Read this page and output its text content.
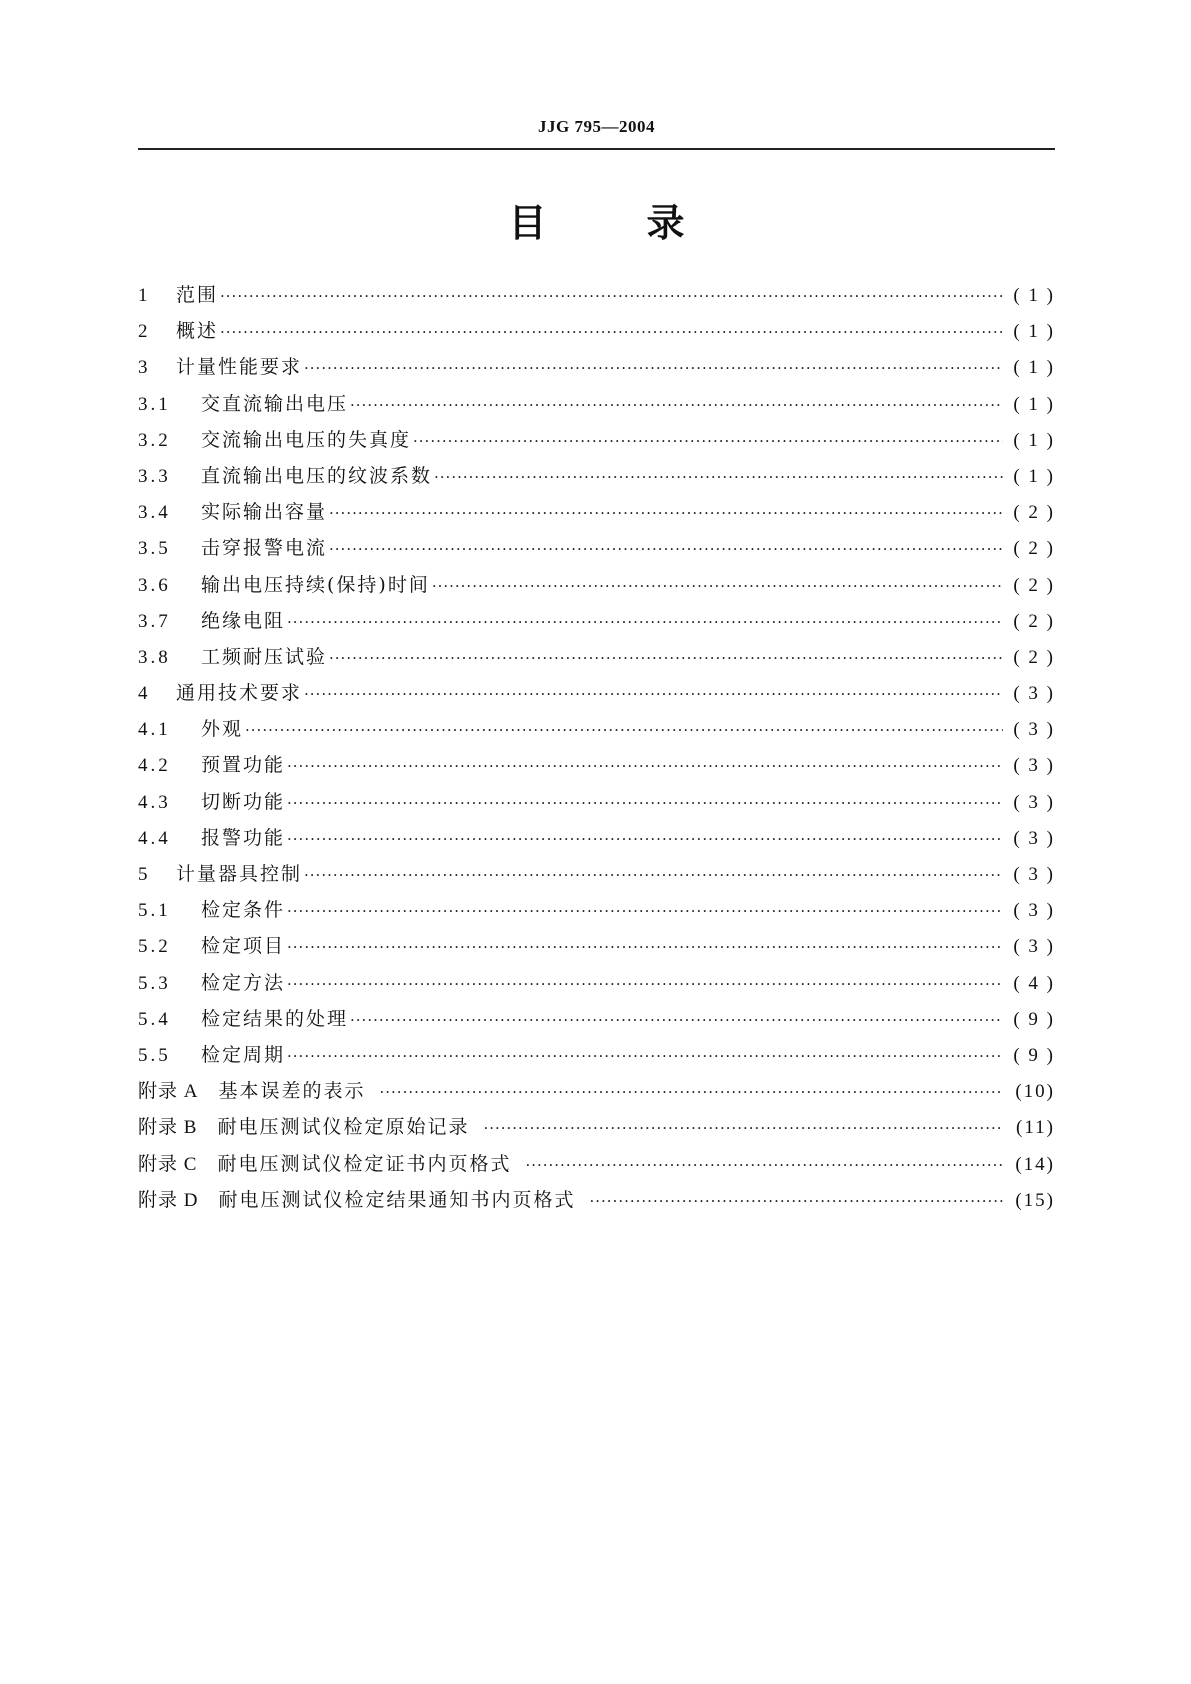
JJG 795—2004
目	录
1	范围 ·····	( 1 )
2	概述 ·····	( 1 )
3	计量性能要求 ·····	( 1 )
3.1	交直流输出电压 ·····	( 1 )
3.2	交流输出电压的失真度 ·····	( 1 )
3.3	直流输出电压的纹波系数 ·····	( 1 )
3.4	实际输出容量 ·····	( 2 )
3.5	击穿报警电流 ·····	( 2 )
3.6	输出电压持续(保持)时间 ·····	( 2 )
3.7	绝缘电阻 ·····	( 2 )
3.8	工频耐压试验 ·····	( 2 )
4	通用技术要求 ·····	( 3 )
4.1	外观 ·····	( 3 )
4.2	预置功能 ·····	( 3 )
4.3	切断功能 ·····	( 3 )
4.4	报警功能 ·····	( 3 )
5	计量器具控制 ·····	( 3 )
5.1	检定条件 ·····	( 3 )
5.2	检定项目 ·····	( 3 )
5.3	检定方法 ·····	( 4 )
5.4	检定结果的处理 ·····	( 9 )
5.5	检定周期 ·····	( 9 )
附录 A 基本误差的表示 ·····	(10)
附录 B 耐电压测试仪检定原始记录 ·····	(11)
附录 C 耐电压测试仪检定证书内页格式 ·····	(14)
附录 D 耐电压测试仪检定结果通知书内页格式 ·····	(15)
